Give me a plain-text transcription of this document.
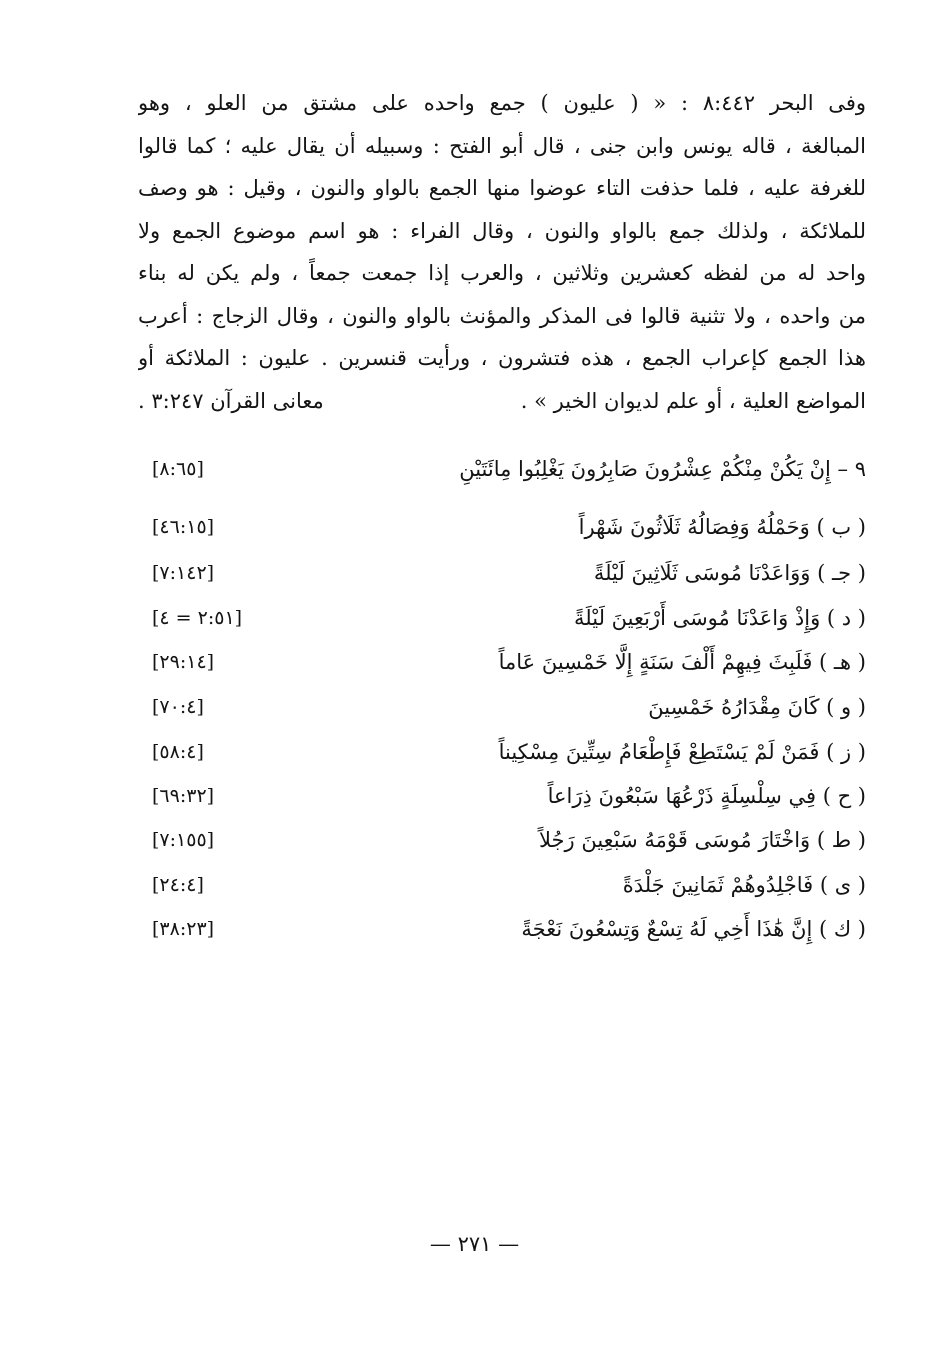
وفى البحر ٨:٤٤٢ : « ( عليون ) جمع واحده على مشتق من العلو ، وهو
المبالغة ، قاله يونس وابن جنى ، قال أبو الفتح : وسبيله أن يقال عليه ؛ كما قالوا
للغرفة عليه ، فلما حذفت التاء عوضوا منها الجمع بالواو والنون ، وقيل : هو وصف
للملائكة ، ولذلك جمع بالواو والنون ، وقال الفراء : هو اسم موضوع الجمع ولا
واحد له من لفظه كعشرين وثلاثين ، والعرب إذا جمعت جمعاً ، ولم يكن له بناء
من واحده ، ولا تثنية قالوا فى المذكر والمؤنث بالواو والنون ، وقال الزجاج : أعرب
هذا الجمع كإعراب الجمع ، هذه فتشرون ، ورأيت قنسرين . عليون : الملائكة أو
المواضع العلية ، أو علم لديوان الخير » .
معانى القرآن ٣:٢٤٧ .
٩ – إِنْ يَكُنْ مِنْكُمْ عِشْرُونَ صَابِرُونَ يَغْلِبُوا مِائَتَيْنِ
[٨:٦٥]
( ب ) وَحَمْلُهُ وَفِصَالُهُ ثَلَاثُونَ شَهْراً
[٤٦:١٥]
( جـ ) وَوَاعَدْنَا مُوسَى ثَلَاثِينَ لَيْلَةً
[٧:١٤٢]
( د ) وَإِذْ وَاعَدْنَا مُوسَى أَرْبَعِينَ لَيْلَةً
[٢:٥١ = ٤]
( هـ ) فَلَبِثَ فِيهِمْ أَلْفَ سَنَةٍ إِلَّا خَمْسِينَ عَاماً
[٢٩:١٤]
( و ) كَانَ مِقْدَارُهُ خَمْسِينَ
[٧٠:٤]
( ز ) فَمَنْ لَمْ يَسْتَطِعْ فَإِطْعَامُ سِتِّينَ مِسْكِيناً
[٥٨:٤]
( ح ) فِي سِلْسِلَةٍ ذَرْعُهَا سَبْعُونَ ذِرَاعاً
[٦٩:٣٢]
( ط ) وَاخْتَارَ مُوسَى قَوْمَهُ سَبْعِينَ رَجُلاً
[٧:١٥٥]
( ى ) فَاجْلِدُوهُمْ ثَمَانِينَ جَلْدَةً
[٢٤:٤]
( ك ) إِنَّ هَٰذَا أَخِي لَهُ تِسْعٌ وَتِسْعُونَ نَعْجَةً
[٣٨:٢٣]
— ٢٧١ —
